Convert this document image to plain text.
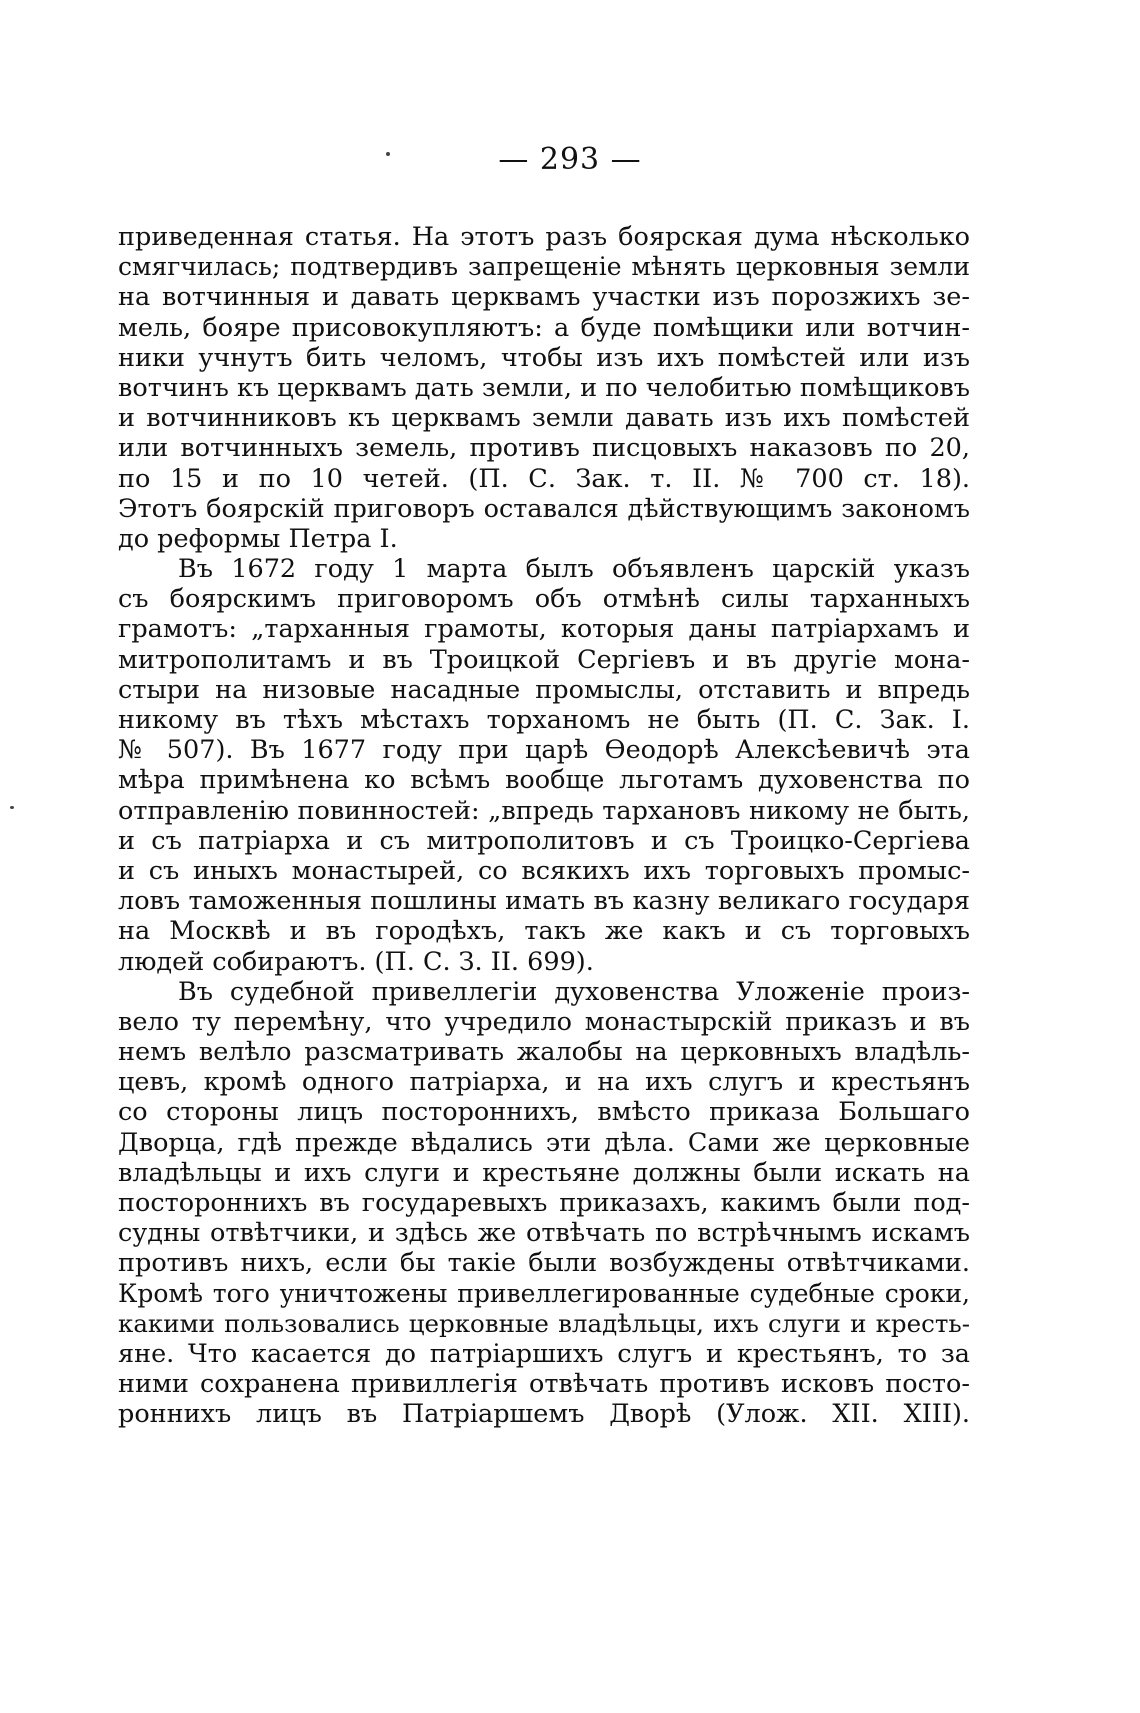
— 293 —
приведенная статья. На этотъ разъ боярская дума нѣсколько
смягчилась; подтвердивъ запрещеніе мѣнять церковныя земли
на вотчинныя и давать церквамъ участки изъ порозжихъ зе-
мель, бояре присовокупляютъ: а буде помѣщики или вотчин-
ники учнутъ бить челомъ, чтобы изъ ихъ помѣстей или изъ
вотчинъ къ церквамъ дать земли, и по челобитью помѣщиковъ
и вотчинниковъ къ церквамъ земли давать изъ ихъ помѣстей
или вотчинныхъ земель, противъ писцовыхъ наказовъ по 20,
по 15 и по 10 четей. (П. С. Зак. т. II. № 700 ст. 18).
Этотъ боярскій приговоръ оставался дѣйствующимъ закономъ
до реформы Петра I.
Въ 1672 году 1 марта былъ объявленъ царскій указъ
съ боярскимъ приговоромъ объ отмѣнѣ силы тарханныхъ
грамотъ: „тарханныя грамоты, которыя даны патріархамъ и
митрополитамъ и въ Троицкой Сергіевъ и въ другіе мона-
стыри на низовые насадные промыслы, отставить и впредь
никому въ тѣхъ мѣстахъ торханомъ не быть (П. С. Зак. I.
№ 507). Въ 1677 году при царѣ Ѳеодорѣ Алексѣевичѣ эта
мѣра примѣнена ко всѣмъ вообще льготамъ духовенства по
отправленію повинностей: „впредь тархановъ никому не быть,
и съ патріарха и съ митрополитовъ и съ Троицко-Сергіева
и съ иныхъ монастырей, со всякихъ ихъ торговыхъ промыс-
ловъ таможенныя пошлины имать въ казну великаго государя
на Москвѣ и въ городѣхъ, такъ же какъ и съ торговыхъ
людей собираютъ. (П. С. З. II. 699).
Въ судебной привеллегіи духовенства Уложеніе произ-
вело ту перемѣну, что учредило монастырскій приказъ и въ
немъ велѣло разсматривать жалобы на церковныхъ владѣль-
цевъ, кромѣ одного патріарха, и на ихъ слугъ и крестьянъ
со стороны лицъ постороннихъ, вмѣсто приказа Большаго
Дворца, гдѣ прежде вѣдались эти дѣла. Сами же церковные
владѣльцы и ихъ слуги и крестьяне должны были искать на
постороннихъ въ государевыхъ приказахъ, какимъ были под-
судны отвѣтчики, и здѣсь же отвѣчать по встрѣчнымъ искамъ
противъ нихъ, если бы такіе были возбуждены отвѣтчиками.
Кромѣ того уничтожены привеллегированные судебные сроки,
какими пользовались церковные владѣльцы, ихъ слуги и кресть-
яне. Что касается до патріаршихъ слугъ и крестьянъ, то за
ними сохранена привиллегія отвѣчать противъ исковъ посто-
роннихъ лицъ въ Патріаршемъ Дворѣ (Улож. XII. XIII).
